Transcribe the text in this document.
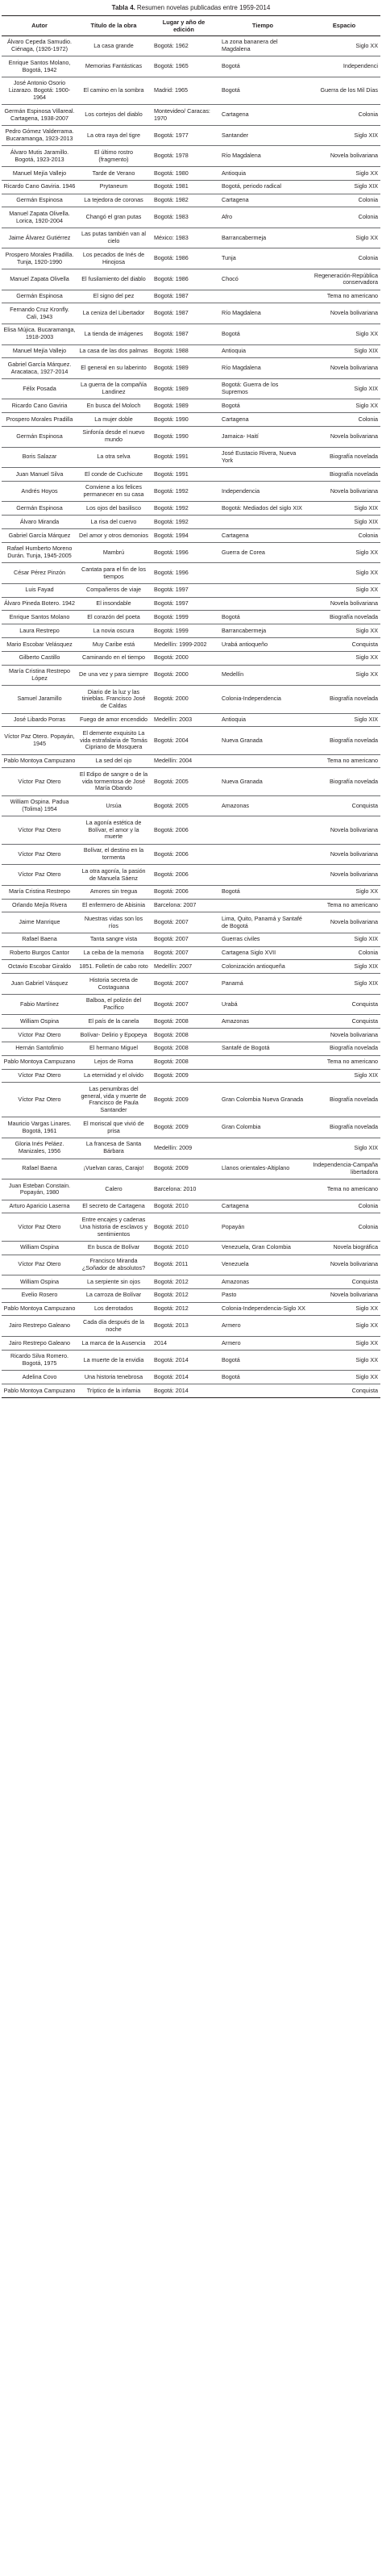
Tabla 4. Resumen novelas publicadas entre 1959-2014
Autor	Título de la obra	Lugar y año de edición	Tiempo	Espacio
Álvaro Cepeda Samudio. Ciénaga, (1926-1972)	La casa grande	Bogotá: 1962	La zona bananera del Magdalena	Siglo XX
Enrique Santos Molano, Bogotá, 1942	Memorias Fantásticas	Bogotá: 1965	Bogotá	Independenci
José Antonio Osorio Lizarazo. Bogotá: 1900-1964	El camino en la sombra	Madrid: 1965	Bogotá	Guerra de los Mil Días
Germán Espinosa Villareal. Cartagena, 1938-2007	Los cortejos del diablo	Montevideo/ Caracas: 1970	Cartagena	Colonia
Pedro Gómez Valderrama. Bucaramanga, 1923-2013	La otra raya del tigre	Bogotá: 1977	Santander	Siglo XIX
Álvaro Mutis Jaramillo. Bogotá, 1923-2013	El último rostro (fragmento)	Bogotá: 1978	Río Magdalena	Novela bolivariana
Manuel Mejía Vallejo	Tarde de Verano	Bogotá: 1980	Antioquia	Siglo XX
Ricardo Cano Gaviria. 1946	Prytaneum	Bogotá: 1981	Bogotá, periodo radical	Siglo XIX
Germán Espinosa	La tejedora de coronas	Bogotá: 1982	Cartagena	Colonia
Manuel Zapata Olivella. Lorica, 1920-2004	Changó el gran putas	Bogotá: 1983	Afro	Colonia
Jaime Álvarez Gutiérrez	Las putas también van al cielo	México: 1983	Barrancabermeja	Siglo XX
Prospero Morales Pradilla. Tunja, 1920-1990	Los pecados de Inés de Hinojosa	Bogotá: 1986	Tunja	Colonia
Manuel Zapata Olivella	El fusilamiento del diablo	Bogotá: 1986	Chocó	Regeneración-República conservadora
Germán Espinosa	El signo del pez	Bogotá: 1987		Tema no americano
Fernando Cruz Kronfly. Cali, 1943	La ceniza del Libertador	Bogotá: 1987	Río Magdalena	Novela bolivariana
Elisa Mújica. Bucaramanga, 1918-2003	La tienda de imágenes	Bogotá: 1987	Bogotá	Siglo XX
Manuel Mejía Vallejo	La casa de las dos palmas	Bogotá: 1988	Antioquia	Siglo XIX
Gabriel García Márquez. Aracataca, 1927-2014	El general en su laberinto	Bogotá: 1989	Río Magdalena	Novela bolivariana
Félix Posada	La guerra de la compañía Landinez	Bogotá: 1989	Bogotá: Guerra de los Supremos	Siglo XIX
Ricardo Cano Gaviria	En busca del Moloch	Bogotá: 1989	Bogotá	Siglo XX
Prospero Morales Pradilla	La mujer doble	Bogotá: 1990	Cartagena	Colonia
Germán Espinosa	Sinfonía desde el nuevo mundo	Bogotá: 1990	Jamaica- Haití	Novela bolivariana
Boris Salazar	La otra selva	Bogotá: 1991	José Eustacio Rivera, Nueva York	Biografía novelada
Juan Manuel Silva	El conde de Cuchicute	Bogotá: 1991		Biografía novelada
Andrés Hoyos	Conviene a los felices permanecer en su casa	Bogotá: 1992	Independencia	Novela bolivariana
Germán Espinosa	Los ojos del basilisco	Bogotá: 1992	Bogotá: Mediados del siglo XIX	Siglo XIX
Álvaro Miranda	La risa del cuervo	Bogotá: 1992		Siglo XIX
Gabriel García Márquez	Del amor y otros demonios	Bogotá: 1994	Cartagena	Colonia
Rafael Humberto Moreno Durán. Tunja, 1945-2005	Mambrú	Bogotá: 1996	Guerra de Corea	Siglo XX
César Pérez Pinzón	Cantata para el fin de los tiempos	Bogotá: 1996		Siglo XX
Luis Fayad	Compañeros de viaje	Bogotá: 1997		Siglo XX
Álvaro Pineda Botero. 1942	El insondable	Bogotá: 1997		Novela bolivariana
Enrique Santos Molano	El corazón del poeta	Bogotá: 1999	Bogotá	Biografía novelada
Laura Restrepo	La novia oscura	Bogotá: 1999	Barrancabermeja	Siglo XX
Mario Escobar Velásquez	Muy Caribe está	Medellín: 1999-2002	Urabá antioqueño	Conquista
Gilberto Castillo	Caminando en el tiempo	Bogotá: 2000		Siglo XX
María Cristina Restrepo López	De una vez y para siempre	Bogotá: 2000	Medellín	Siglo XX
Samuel Jaramillo	Diario de la luz y las tinieblas. Francisco José de Caldas	Bogotá: 2000	Colonia-Independencia	Biografía novelada
José Libardo Porras	Fuego de amor encendido	Medellín: 2003	Antioquia	Siglo XIX
Víctor Paz Otero. Popayán, 1945	El demente exquisito La vida estrafalaria de Tomás Cipriano de Mosquera	Bogotá: 2004	Nueva Granada	Biografía novelada
Pablo Montoya Campuzano	La sed del ojo	Medellín: 2004		Tema no americano
Víctor Paz Otero	El Edipo de sangre o de la vida tormentosa de José María Obando	Bogotá: 2005	Nueva Granada	Biografía novelada
William Ospina. Padua (Tolima) 1954	Ursúa	Bogotá: 2005	Amazonas	Conquista
Víctor Paz Otero	La agonía estética de Bolívar, el amor y la muerte	Bogotá: 2006		Novela bolivariana
Víctor Paz Otero	Bolívar, el destino en la tormenta	Bogotá: 2006		Novela bolivariana
Víctor Paz Otero	La otra agonía, la pasión de Manuela Sáenz	Bogotá: 2006		Novela bolivariana
María Cristina Restrepo	Amores sin tregua	Bogotá: 2006	Bogotá	Siglo XX
Orlando Mejía Rivera	El enfermero de Abisinia	Barcelona: 2007		Tema no americano
Jaime Manrique	Nuestras vidas son los ríos	Bogotá: 2007	Lima, Quito, Panamá y Santafé de Bogotá	Novela bolivariana
Rafael Baena	Tanta sangre vista	Bogotá: 2007	Guerras civiles	Siglo XIX
Roberto Burgos Cantor	La ceiba de la memoria	Bogotá: 2007	Cartagena Siglo XVII	Colonia
Octavio Escobar Giraldo	1851. Folletín de cabo roto	Medellín: 2007	Colonización antioqueña	Siglo XIX
Juan Gabriel Vásquez	Historia secreta de Costaguana	Bogotá: 2007	Panamá	Siglo XIX
Fabio Martínez	Balboa, el polizón del Pacífico	Bogotá: 2007	Urabá	Conquista
William Ospina	El país de la canela	Bogotá: 2008	Amazonas	Conquista
Víctor Paz Otero	Bolívar- Delirio y Epopeya	Bogotá: 2008		Novela bolivariana
Hernán Santofimio	El hermano Miguel	Bogotá: 2008	Santafé de Bogotá	Biografía novelada
Pablo Montoya Campuzano	Lejos de Roma	Bogotá: 2008		Tema no americano
Víctor Paz Otero	La eternidad y el olvido	Bogotá: 2009		Siglo XIX
Víctor Paz Otero	Las penumbras del general, vida y muerte de Francisco de Paula Santander	Bogotá: 2009	Gran Colombia Nueva Granada	Biografía novelada
Mauricio Vargas Linares. Bogotá, 1961	El moriscal que vivió de prisa	Bogotá: 2009	Gran Colombia	Biografía novelada
Gloria Inés Peláez. Manizales, 1956	La francesa de Santa Bárbara	Medellín: 2009		Siglo XIX
Rafael Baena	¡Vuelvan caras, Carajo!	Bogotá: 2009	Llanos orientales-Altiplano	Independencia-Campaña libertadora
Juan Esteban Constain. Popayán, 1980	Calero	Barcelona: 2010		Tema no americano
Arturo Aparicio Laserna	El secreto de Cartagena	Bogotá: 2010	Cartagena	Colonia
Víctor Paz Otero	Entre encajes y cadenas Una historia de esclavos y sentimientos	Bogotá: 2010	Popayán	Colonia
William Ospina	En busca de Bolívar	Bogotá: 2010	Venezuela, Gran Colombia	Novela biográfica
Víctor Paz Otero	Francisco Miranda ¿Soñador de absolutos?	Bogotá: 2011	Venezuela	Novela bolivariana
William Ospina	La serpiente sin ojos	Bogotá: 2012	Amazonas	Conquista
Evelio Rosero	La carroza de Bolívar	Bogotá: 2012	Pasto	Novela bolivariana
Pablo Montoya Campuzano	Los derrotados	Bogotá: 2012	Colonia-Independencia-Siglo XX	Siglo XX
Jairo Restrepo Galeano	Cada día después de la noche	Bogotá: 2013	Armero	Siglo XX
Jairo Restrepo Galeano	La marca de la Ausencia	2014	Armero	Siglo XX
Ricardo Silva Romero. Bogotá, 1975	La muerte de la envidia	Bogotá: 2014	Bogotá	Siglo XX
Adelina Covo	Una historia tenebrosa	Bogotá: 2014	Bogotá	Siglo XX
Pablo Montoya Campuzano	Tríptico de la infamia	Bogotá: 2014		Conquista
